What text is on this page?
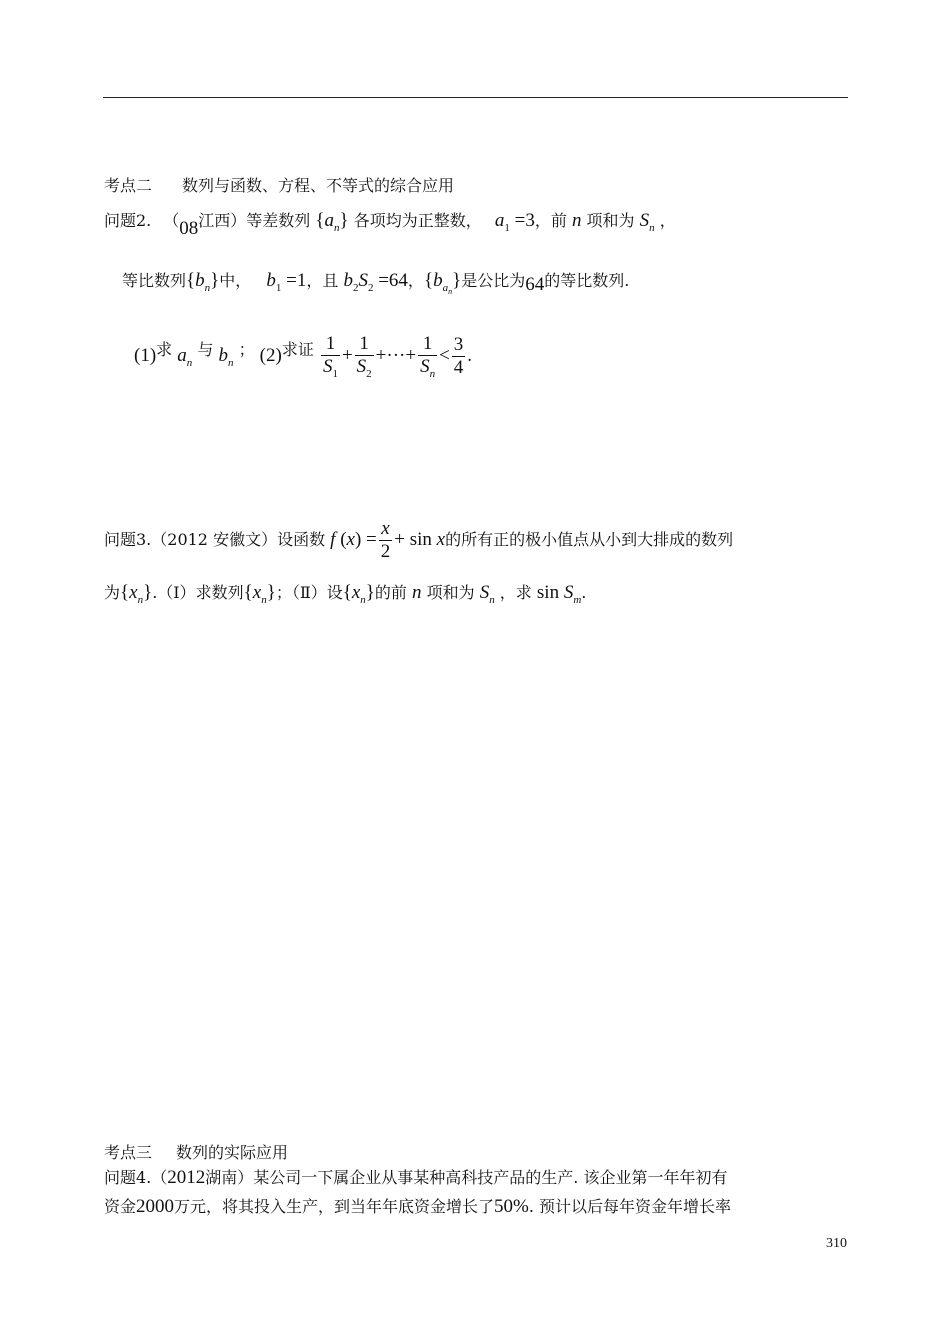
考点二 数列与函数、方程、不等式的综合应用
问题2. （08江西）等差数列 $\{a_n\}$ 各项均为正整数， $a_1 =3$，前 n 项和为 $S_n$ ，
等比数列$\{b_n\}$中， $b_1 =1$，且 $b_2S_2 =64$，$\{b_{a_n}\}$是公比为64的等比数列.
(1)求 $a_n$ 与 $b_n$ ； (2)求证 $\frac{1}{S_1} + \frac{1}{S_2}$ +···+ $\frac{1}{S_n} < \frac{3}{4}$ .
问题3.（2012 安徽文）设函数 f $(x) = \frac{x}{2} + \sin x$的所有正的极小值点从小到大排成的数列
为$\{x_n\}.(Ⅰ)$求数列$\{x_n\}$；（Ⅱ）设$\{x_n\}$的前 n 项和为 $S_n$ ，求 $\sin S_m$.
考点三 数列的实际应用
问题4.（2012湖南）某公司一下属企业从事某种高科技产品的生产. 该企业第一年年初有
资金2000万元，将其投入生产，到当年年底资金增长了50%. 预计以后每年资金年增长率
310
